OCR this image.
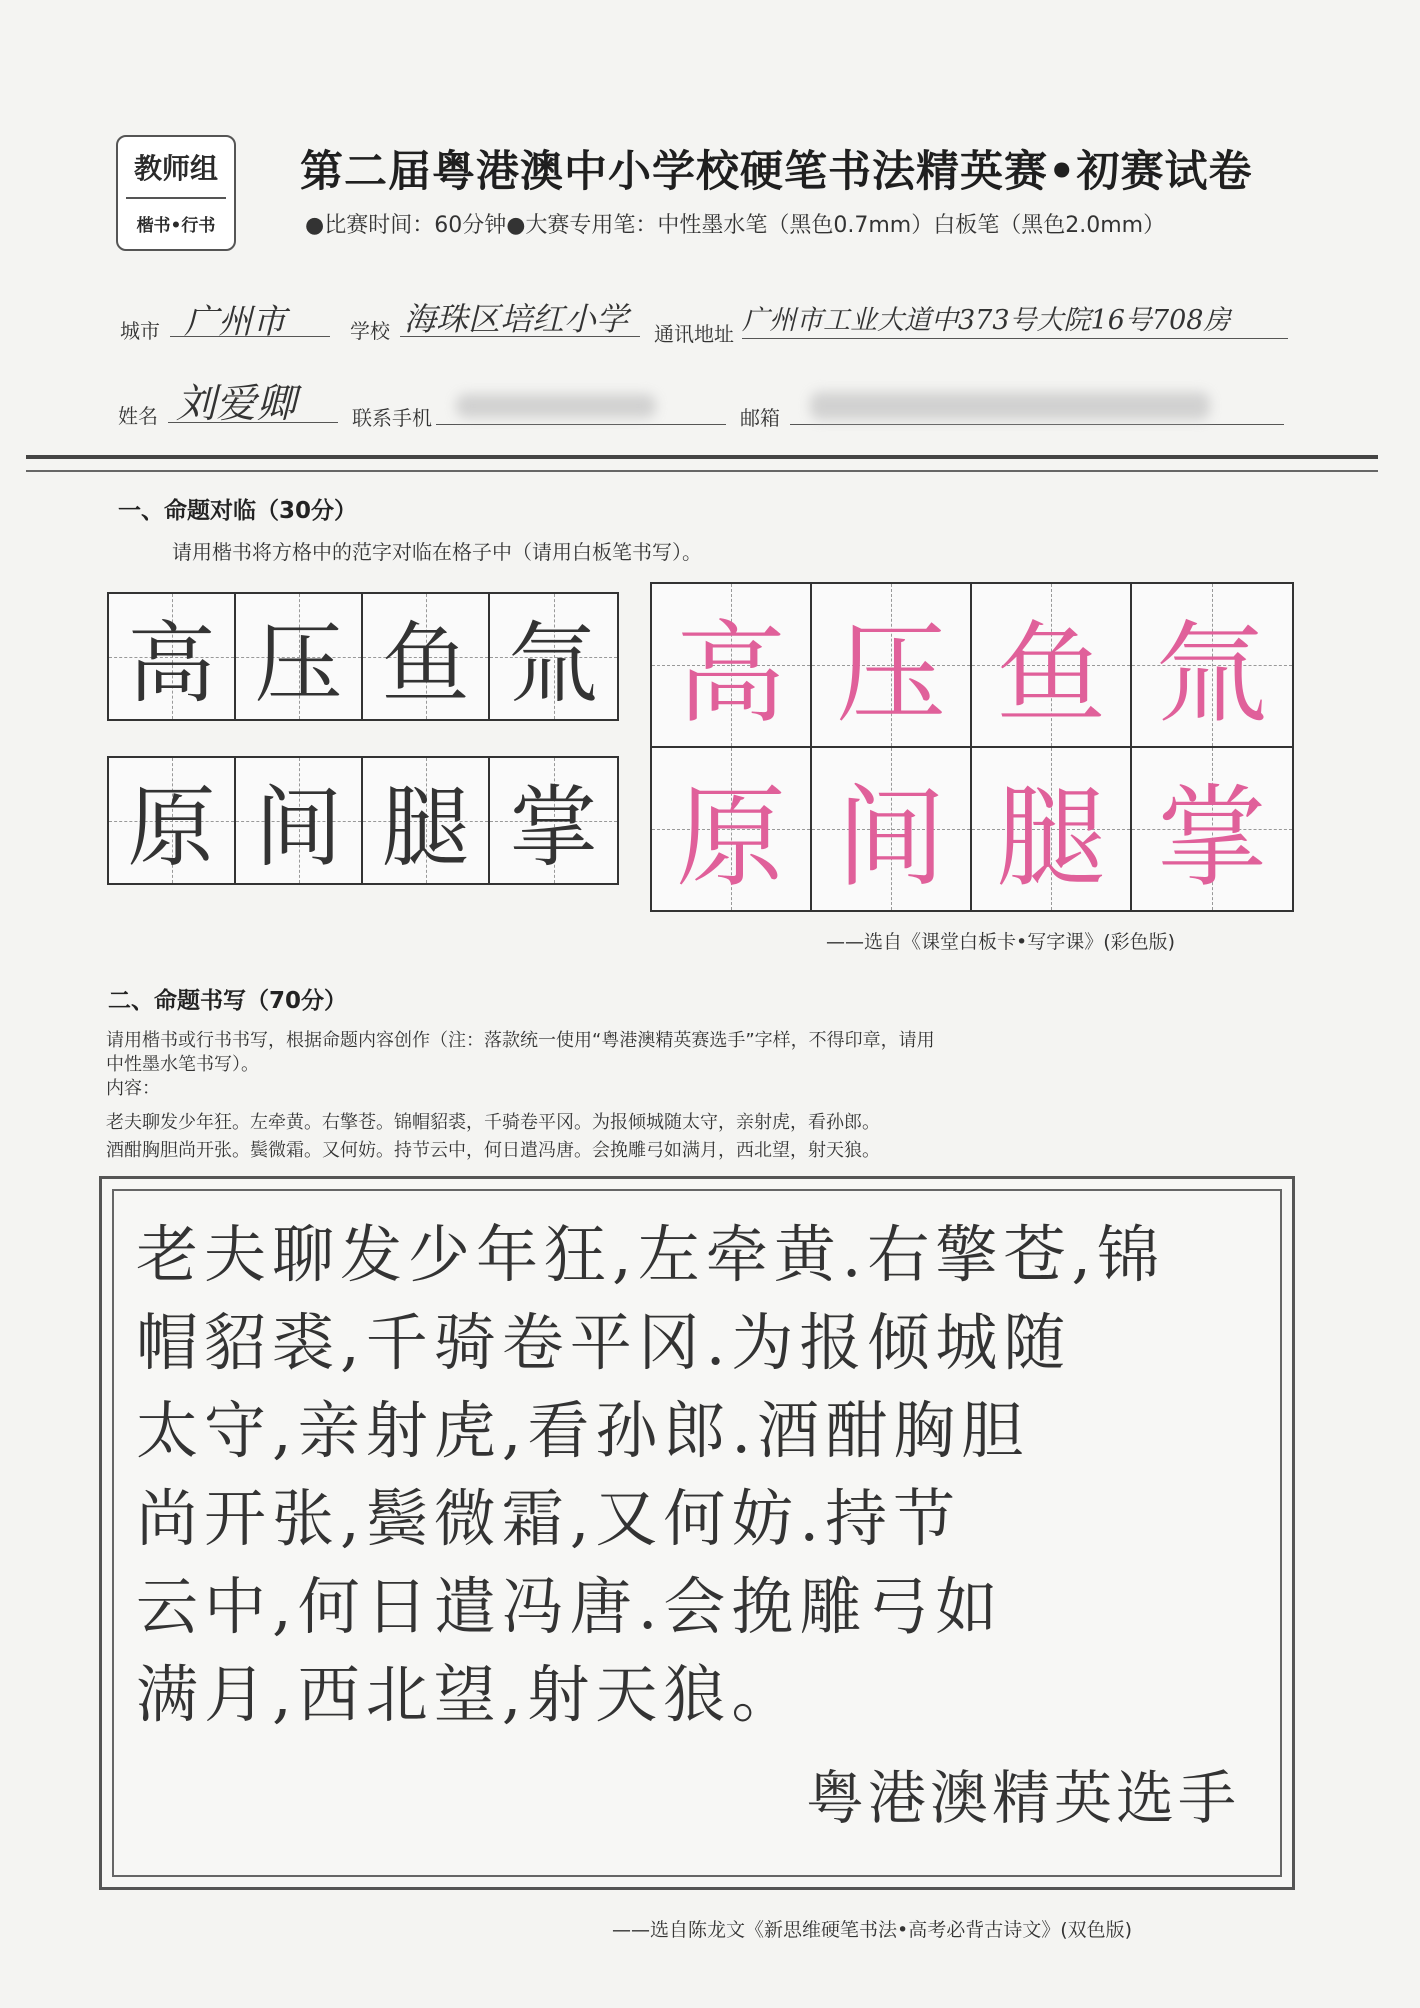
教师组
楷书•行书
第二届粤港澳中小学校硬笔书法精英赛•初赛试卷
●比赛时间：60分钟●大赛专用笔：中性墨水笔（黑色0.7mm）白板笔（黑色2.0mm）
城市 广州市	学校 海珠区培红小学 通讯地址 广州市工业大道中373号大院16号708房
姓名 刘爱卿	联系手机	邮箱
一、命题对临（30分）
请用楷书将方格中的范字对临在格子中（请用白板笔书写）。
高 压 鱼 氚
原 间 腿 掌
高 压 鱼 氚
原 间 腿 掌
——选自《课堂白板卡•写字课》(彩色版)
二、命题书写（70分）
请用楷书或行书书写，根据命题内容创作（注：落款统一使用“粤港澳精英赛选手”字样，不得印章，请用
中性墨水笔书写）。
内容：
老夫聊发少年狂。左牵黄。右擎苍。锦帽貂裘，千骑卷平冈。为报倾城随太守，亲射虎，看孙郎。
酒酣胸胆尚开张。鬓微霜。又何妨。持节云中，何日遣冯唐。会挽雕弓如满月，西北望，射天狼。
老夫聊发少年狂,左牵黄.右擎苍,锦
帽貂裘,千骑卷平冈.为报倾城随
太守,亲射虎,看孙郎.酒酣胸胆
尚开张,鬓微霜,又何妨.持节
云中,何日遣冯唐.会挽雕弓如
满月,西北望,射天狼。
粤港澳精英选手
——选自陈龙文《新思维硬笔书法•高考必背古诗文》(双色版)
